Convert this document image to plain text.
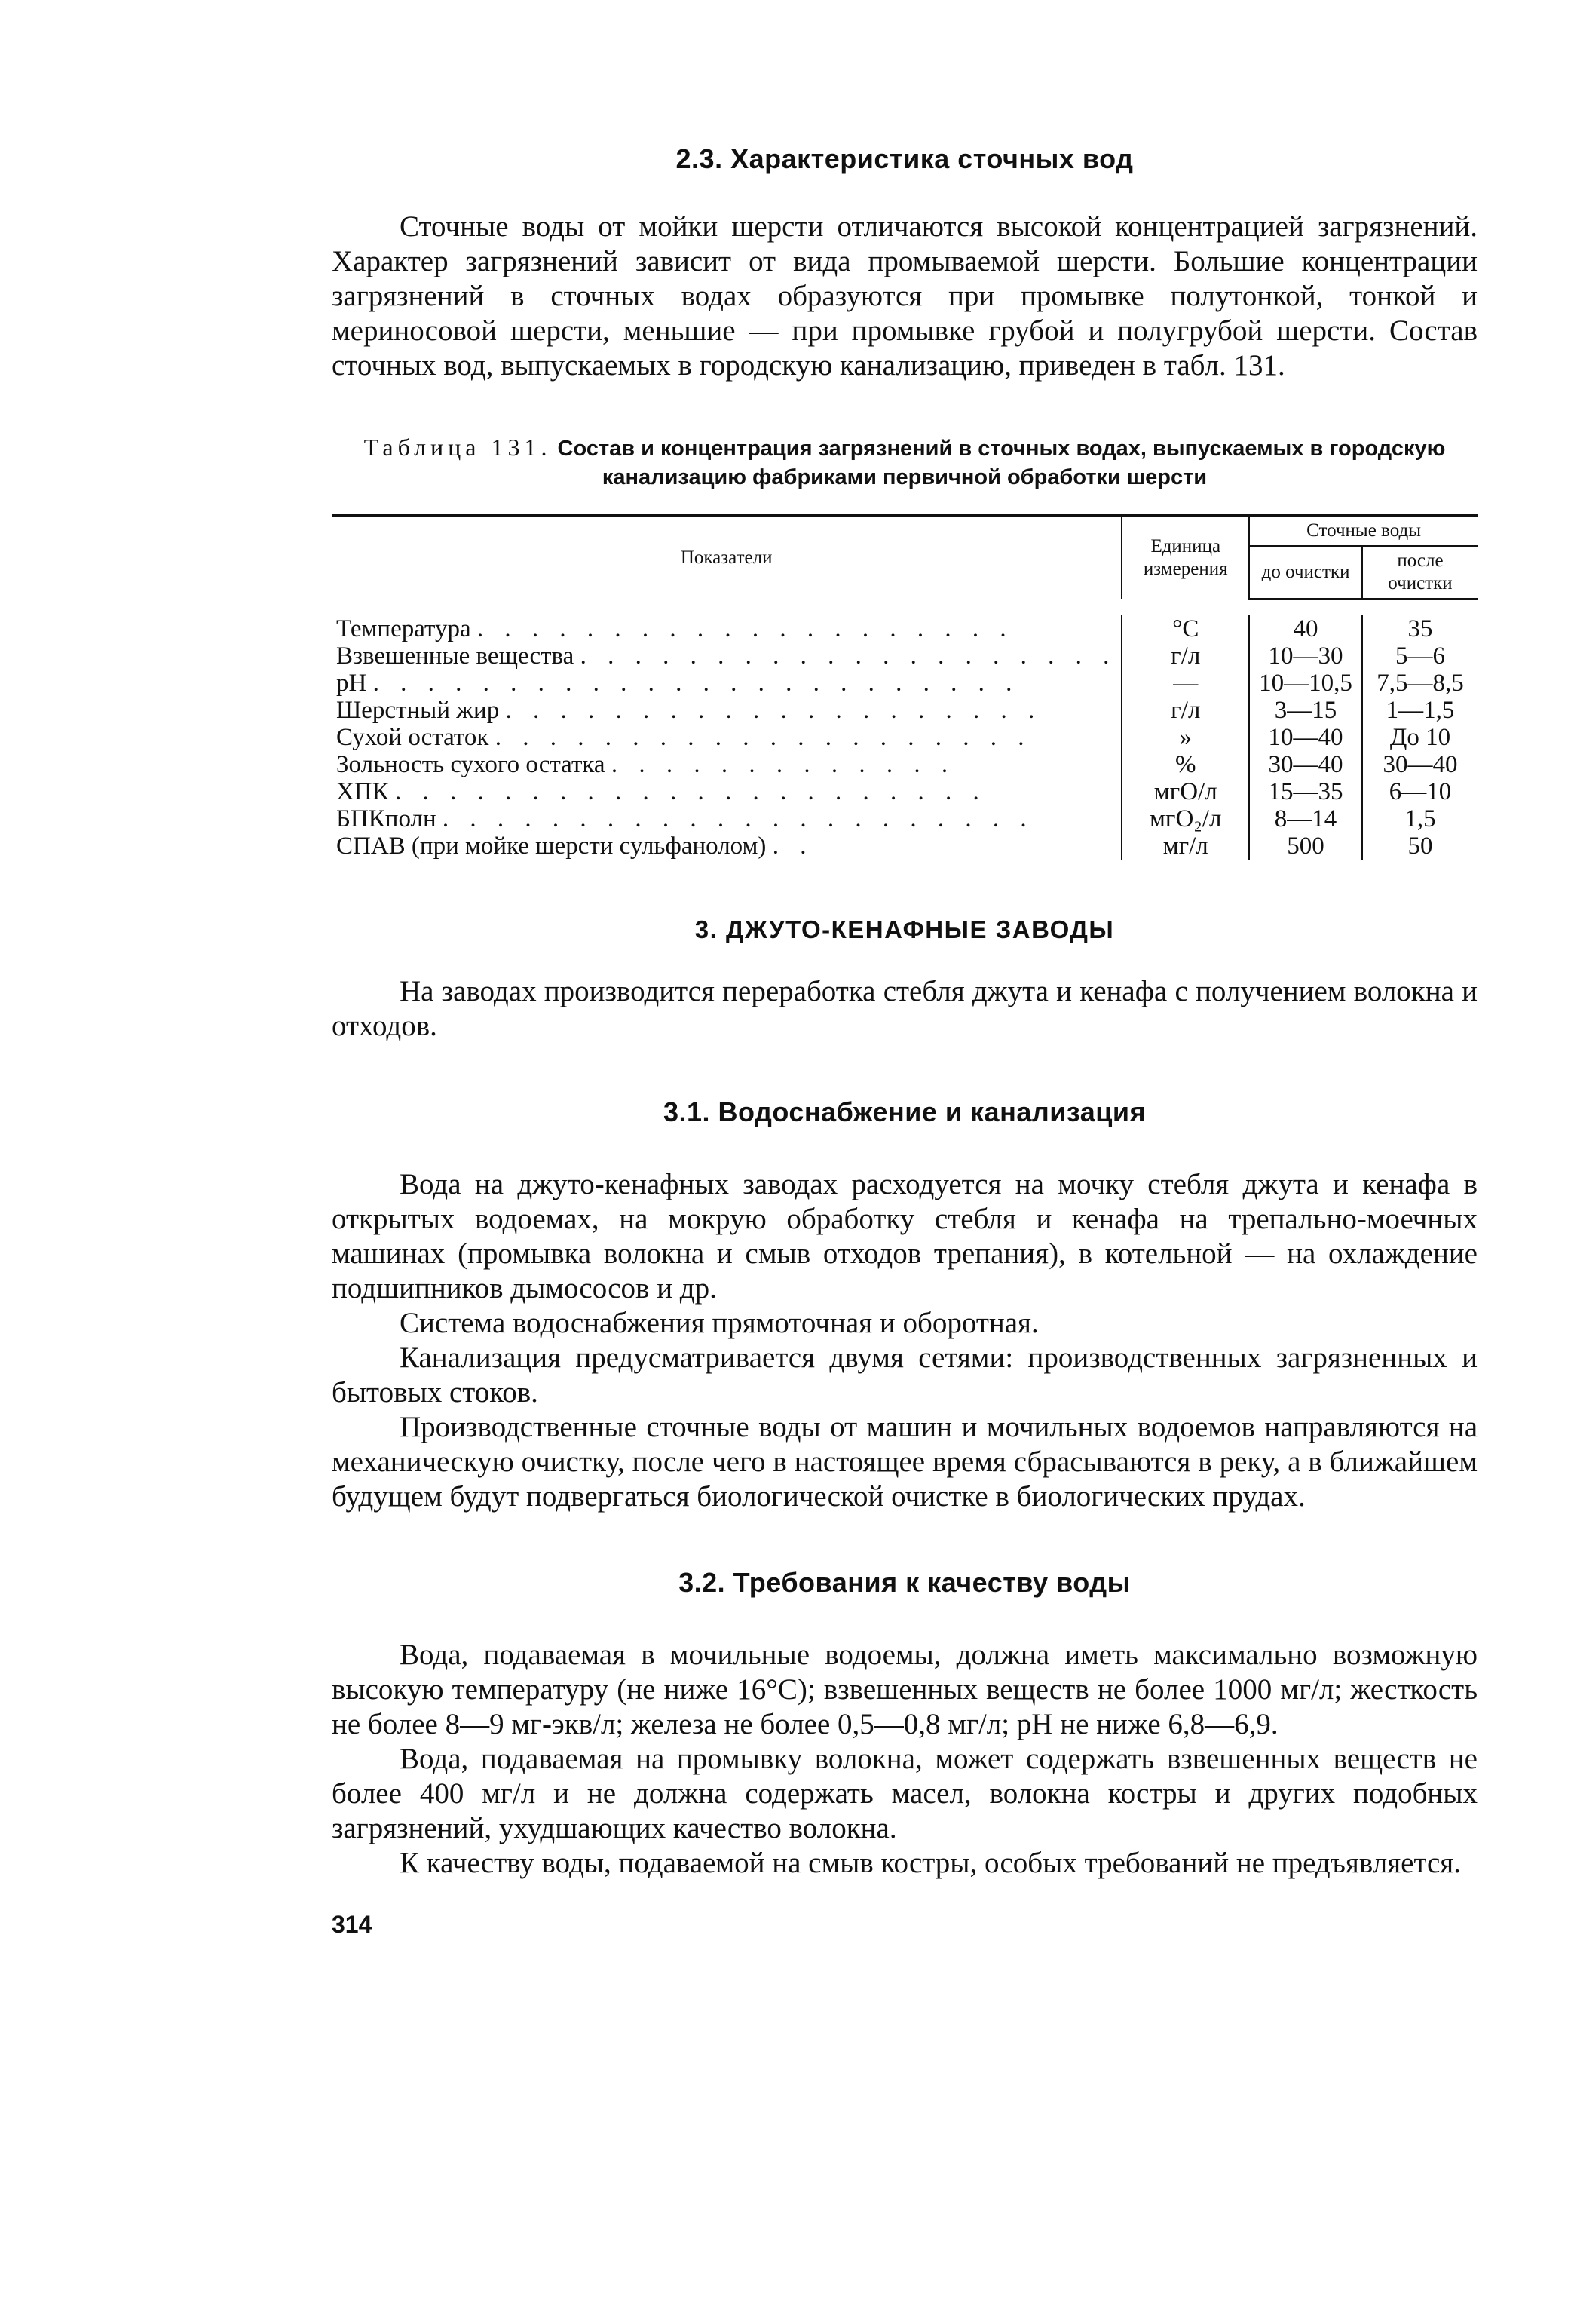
2.3. Характеристика сточных вод

Сточные воды от мойки шерсти отличаются высокой концентрацией загрязнений. Характер загрязнений зависит от вида промываемой шерсти. Большие концентрации загрязнений в сточных водах образуются при промывке полутонкой, тонкой и мериносовой шерсти, меньшие — при промывке грубой и полугрубой шерсти. Состав сточных вод, выпускаемых в городскую канализацию, приведен в табл. 131.

Таблица 131. Состав и концентрация загрязнений в сточных водах, выпускаемых в городскую канализацию фабриками первичной обработки шерсти
Показатели	Единица измерения	Сточные воды	
		до очистки	после очистки

Температура . . . . . . . . . . . . . . . . . . . .	°С	40	35
Взвешенные вещества . . . . . . . . . . . . . . . . . . . .	г/л	10—30	5—6
pH . . . . . . . . . . . . . . . . . . . . . . . .	—	10—10,5	7,5—8,5
Шерстный жир . . . . . . . . . . . . . . . . . . . .	г/л	3—15	1—1,5
Сухой остаток . . . . . . . . . . . . . . . . . . . .	»	10—40	До 10
Зольность сухого остатка . . . . . . . . . . . . .	%	30—40	30—40
ХПК . . . . . . . . . . . . . . . . . . . . . .	мгО/л	15—35	6—10
БПКполн . . . . . . . . . . . . . . . . . . . . . .	мгО₂/л	8—14	1,5
СПАВ (при мойке шерсти сульфанолом) . .	мг/л	500	50

3. ДЖУТО-КЕНАФНЫЕ ЗАВОДЫ

На заводах производится переработка стебля джута и кенафа с получением волокна и отходов.

3.1. Водоснабжение и канализация

Вода на джуто-кенафных заводах расходуется на мочку стебля джута и кенафа в открытых водоемах, на мокрую обработку стебля и кенафа на трепально-моечных машинах (промывка волокна и смыв отходов трепания), в котельной — на охлаждение подшипников дымососов и др.

Система водоснабжения прямоточная и оборотная.

Канализация предусматривается двумя сетями: производственных загрязненных и бытовых стоков.

Производственные сточные воды от машин и мочильных водоемов направляются на механическую очистку, после чего в настоящее время сбрасываются в реку, а в ближайшем будущем будут подвергаться биологической очистке в биологических прудах.

3.2. Требования к качеству воды

Вода, подаваемая в мочильные водоемы, должна иметь максимально возможную высокую температуру (не ниже 16°С); взвешенных веществ не более 1000 мг/л; жесткость не более 8—9 мг-экв/л; железа не более 0,5—0,8 мг/л; pH не ниже 6,8—6,9.

Вода, подаваемая на промывку волокна, может содержать взвешенных веществ не более 400 мг/л и не должна содержать масел, волокна костры и других подобных загрязнений, ухудшающих качество волокна.

К качеству воды, подаваемой на смыв костры, особых требований не предъявляется.

314
